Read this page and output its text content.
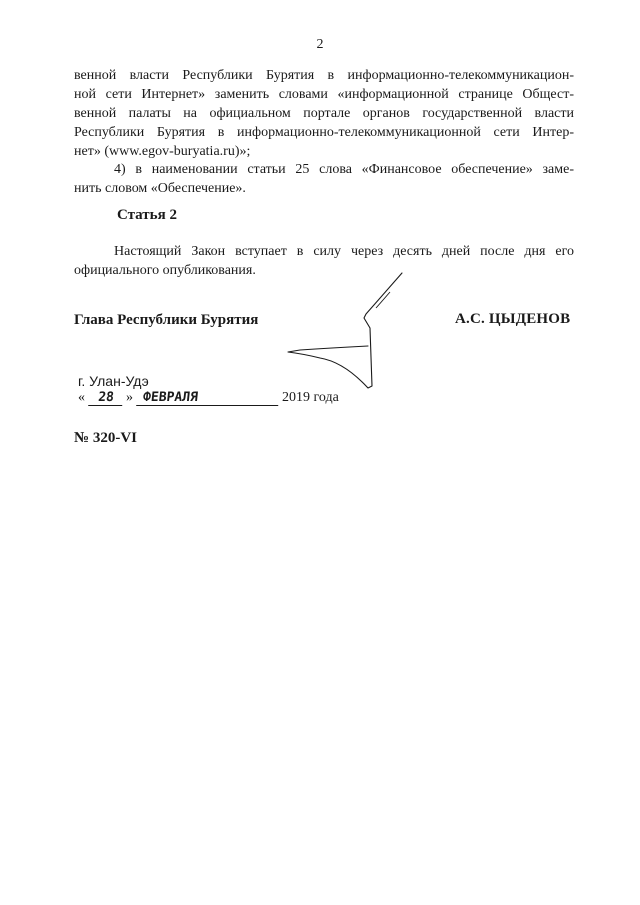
2
венной власти Республики Бурятия в информационно-телекоммуникацион-
ной сети Интернет» заменить словами «информационной странице Общест-
венной палаты на официальном портале органов государственной власти
Республики Бурятия в информационно-телекоммуникационной сети Интер-
нет» (www.egov-buryatia.ru)»;
4) в наименовании статьи 25 слова «Финансовое обеспечение» заме-
нить словом «Обеспечение».
Статья 2
Настоящий Закон вступает в силу через десять дней после дня его
официального опубликования.
Глава Республики Бурятия	А.С. ЦЫДЕНОВ
г. Улан-Удэ
« 28 » ФЕВРАЛЯ	2019 года
№ 320-VI
